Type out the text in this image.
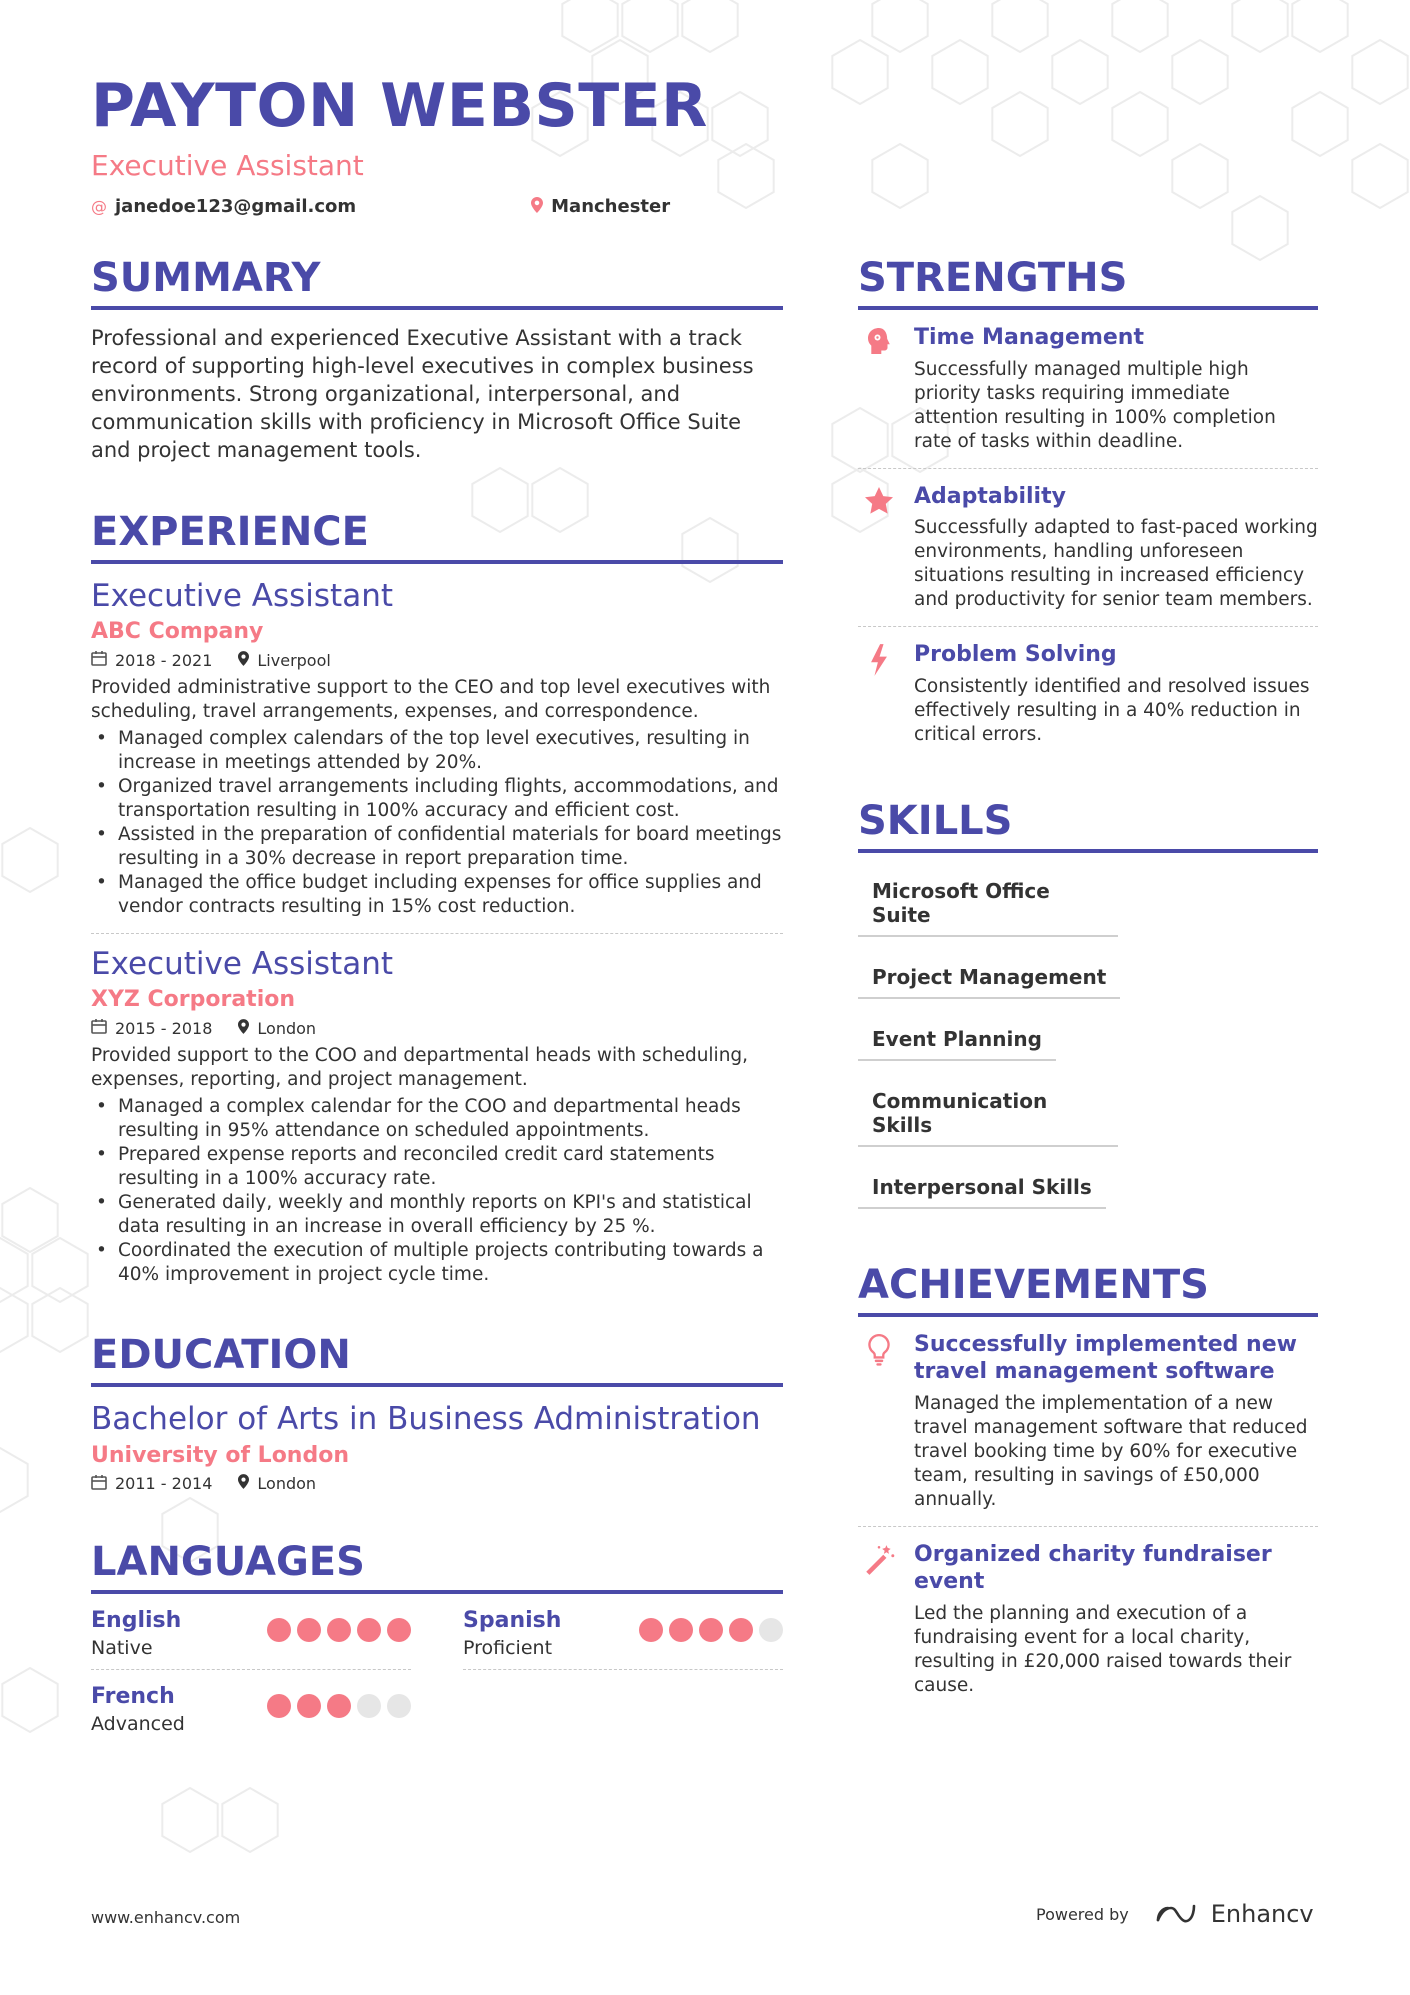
PAYTON WEBSTER
Executive Assistant
@ janedoe123@gmail.com	Manchester
SUMMARY

Professional and experienced Executive Assistant with a track record of supporting high-level executives in complex business environments. Strong organizational, interpersonal, and communication skills with proficiency in Microsoft Office Suite and project management tools.

EXPERIENCE
Executive Assistant
ABC Company
2018 - 2021	Liverpool

Provided administrative support to the CEO and top level executives with scheduling, travel arrangements, expenses, and correspondence.

• Managed complex calendars of the top level executives, resulting in increase in meetings attended by 20%.
• Organized travel arrangements including flights, accommodations, and transportation resulting in 100% accuracy and efficient cost.
• Assisted in the preparation of confidential materials for board meetings resulting in a 30% decrease in report preparation time.
• Managed the office budget including expenses for office supplies and vendor contracts resulting in 15% cost reduction.
Executive Assistant
XYZ Corporation
2015 - 2018	London

Provided support to the COO and departmental heads with scheduling, expenses, reporting, and project management.

• Managed a complex calendar for the COO and departmental heads resulting in 95% attendance on scheduled appointments.
• Prepared expense reports and reconciled credit card statements resulting in a 100% accuracy rate.
• Generated daily, weekly and monthly reports on KPI's and statistical data resulting in an increase in overall efficiency by 25 %.
• Coordinated the execution of multiple projects contributing towards a 40% improvement in project cycle time.
EDUCATION
Bachelor of Arts in Business Administration
University of London
2011 - 2014	London
LANGUAGES
English
Native
Spanish
Proficient
French
Advanced
STRENGTHS
Time Management

Successfully managed multiple high priority tasks requiring immediate attention resulting in 100% completion rate of tasks within deadline.

Adaptability

Successfully adapted to fast-paced working environments, handling unforeseen situations resulting in increased efficiency and productivity for senior team members.

Problem Solving

Consistently identified and resolved issues effectively resulting in a 40% reduction in critical errors.

SKILLS
Microsoft Office Suite
Project Management
Event Planning
Communication Skills
Interpersonal Skills
ACHIEVEMENTS
Successfully implemented new travel management software

Managed the implementation of a new travel management software that reduced travel booking time by 60% for executive team, resulting in savings of £50,000 annually.

Organized charity fundraiser event

Led the planning and execution of a fundraising event for a local charity, resulting in £20,000 raised towards their cause.

www.enhancv.com	Powered by	Enhancv
